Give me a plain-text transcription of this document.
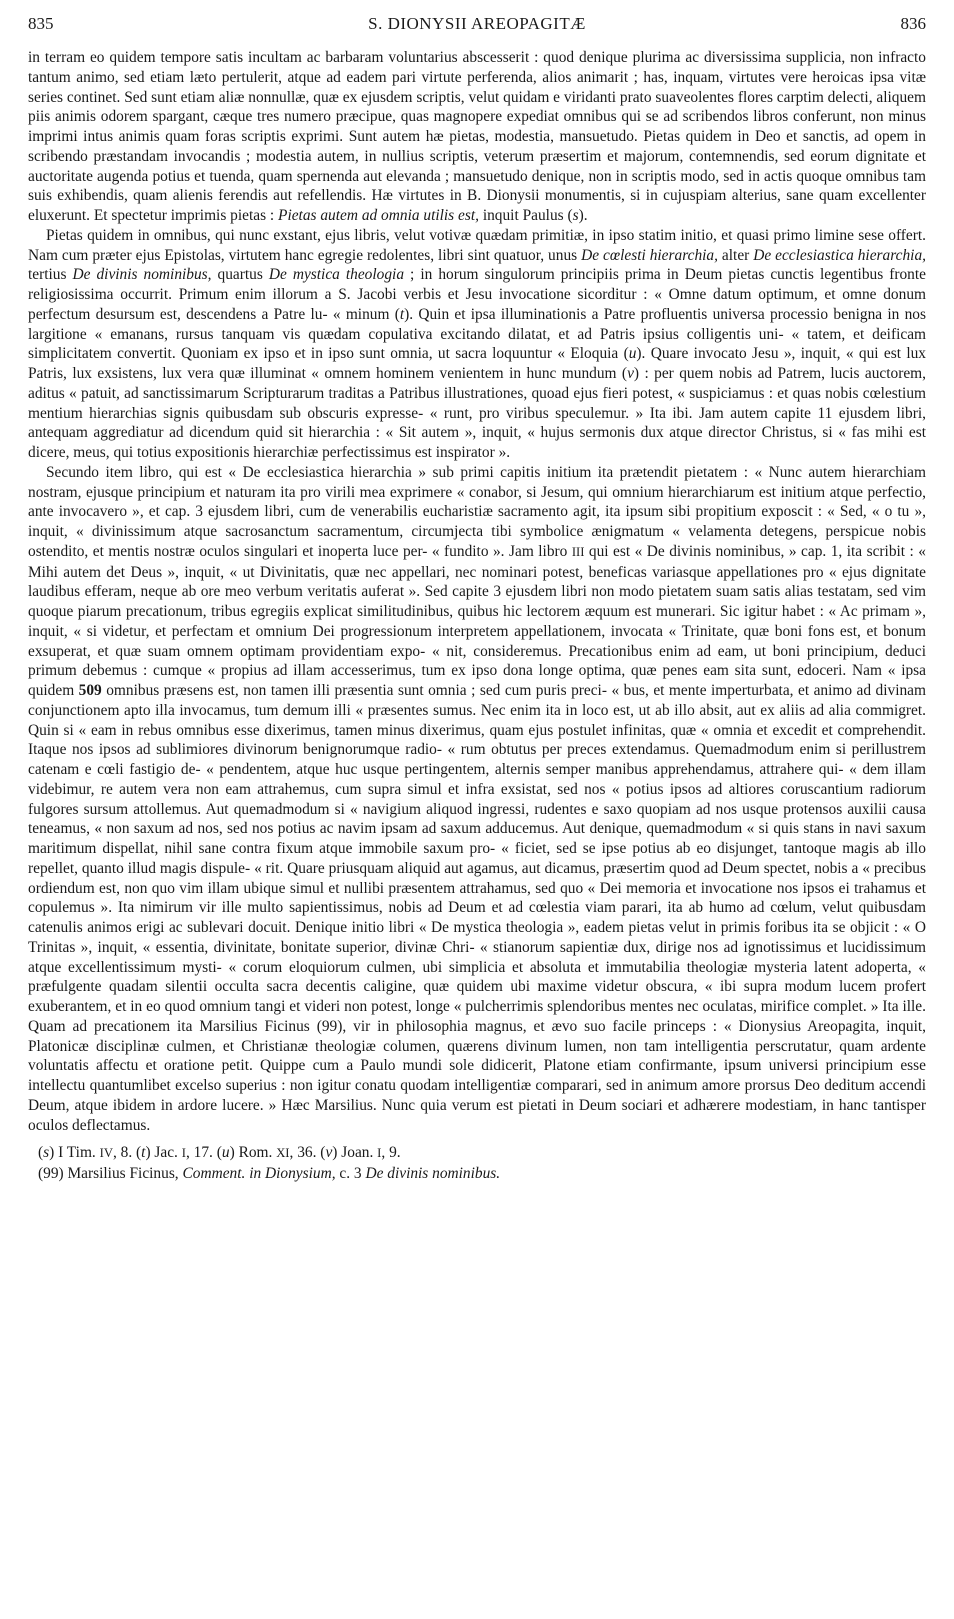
835	S. DIONYSII AREOPAGITÆ	836

in terram eo quidem tempore satis incultam ac barbaram voluntarius abscesserit : quod denique plurima ac diversissima supplicia, non infracto tantum animo, sed etiam læto pertulerit, atque ad eadem pari virtute perferenda, alios animarit ; has, inquam, virtutes vere heroicas ipsa vitæ series continet. Sed sunt etiam aliæ nonnullæ, quæ ex ejusdem scriptis, velut quidam e viridanti prato suaveolentes flores carptim delecti, aliquem piis animis odorem spargant, cæque tres numero præcipue, quas magnopere expediat omnibus qui se ad scribendos libros conferunt, non minus imprimi intus animis quam foras scriptis exprimi. Sunt autem hæ pietas, modestia, mansuetudo. Pietas quidem in Deo et sanctis, ad opem in scribendo præstandam invocandis ; modestia autem, in nullius scriptis, veterum præsertim et majorum, contemnendis, sed eorum dignitate et auctoritate augenda potius et tuenda, quam spernenda aut elevanda ; mansuetudo denique, non in scriptis modo, sed in actis quoque omnibus tam suis exhibendis, quam alienis ferendis aut refellendis. Hæ virtutes in B. Dionysii monumentis, si in cujuspiam alterius, sane quam excellenter eluxerunt. Et spectetur imprimis pietas : Pietas autem ad omnia utilis est, inquit Paulus (s).

Pietas quidem in omnibus, qui nunc exstant, ejus libris, velut votivæ quædam primitiæ, in ipso statim initio, et quasi primo limine sese offert. Nam cum præter ejus Epistolas, virtutem hanc egregie redolentes, libri sint quatuor, unus De cœlesti hierarchia, alter De ecclesiastica hierarchia, tertius De divinis nominibus, quartus De mystica theologia ; in horum singulorum principiis prima in Deum pietas cunctis legentibus fronte religiosissima occurrit. Primum enim illorum a S. Jacobi verbis et Jesu invocatione sicorditur : « Omne datum optimum, et omne donum perfectum desursum est, descendens a Patre lu- « minum (t). Quin et ipsa illuminationis a Patre profluentis universa processio benigna in nos largitione « emanans, rursus tanquam vis quædam copulativa excitando dilatat, et ad Patris ipsius colligentis uni- « tatem, et deificam simplicitatem convertit. Quoniam ex ipso et in ipso sunt omnia, ut sacra loquuntur « Eloquia (u). Quare invocato Jesu », inquit, « qui est lux Patris, lux exsistens, lux vera quæ illuminat « omnem hominem venientem in hunc mundum (v) : per quem nobis ad Patrem, lucis auctorem, aditus « patuit, ad sanctissimarum Scripturarum traditas a Patribus illustrationes, quoad ejus fieri potest, « suspiciamus : et quas nobis cœlestium mentium hierarchias signis quibusdam sub obscuris expresse- « runt, pro viribus speculemur. » Ita ibi. Jam autem capite 11 ejusdem libri, antequam aggrediatur ad dicendum quid sit hierarchia : « Sit autem », inquit, « hujus sermonis dux atque director Christus, si « fas mihi est dicere, meus, qui totius expositionis hierarchiæ perfectissimus est inspirator ».

Secundo item libro, qui est « De ecclesiastica hierarchia » sub primi capitis initium ita prætendit pietatem : « Nunc autem hierarchiam nostram, ejusque principium et naturam ita pro virili mea exprimere « conabor, si Jesum, qui omnium hierarchiarum est initium atque perfectio, ante invocavero », et cap. 3 ejusdem libri, cum de venerabilis eucharistiæ sacramento agit, ita ipsum sibi propitium exposcit : « Sed, « o tu », inquit, « divinissimum atque sacrosanctum sacramentum, circumjecta tibi symbolice ænigmatum « velamenta detegens, perspicue nobis ostendito, et mentis nostræ oculos singulari et inoperta luce per- « fundito ». Jam libro III qui est « De divinis nominibus, » cap. 1, ita scribit : « Mihi autem det Deus », inquit, « ut Divinitatis, quæ nec appellari, nec nominari potest, beneficas variasque appellationes pro « ejus dignitate laudibus efferam, neque ab ore meo verbum veritatis auferat ». Sed capite 3 ejusdem libri non modo pietatem suam satis alias testatam, sed vim quoque piarum precationum, tribus egregiis explicat similitudinibus, quibus hic lectorem æquum est munerari. Sic igitur habet : « Ac primam », inquit, « si videtur, et perfectam et omnium Dei progressionum interpretem appellationem, invocata « Trinitate, quæ boni fons est, et bonum exsuperat, et quæ suam omnem optimam providentiam expo- « nit, consideremus. Precationibus enim ad eam, ut boni principium, deduci primum debemus : cumque « propius ad illam accesserimus, tum ex ipso dona longe optima, quæ penes eam sita sunt, edoceri. Nam « ipsa quidem 509 omnibus præsens est, non tamen illi præsentia sunt omnia ; sed cum puris preci- « bus, et mente imperturbata, et animo ad divinam conjunctionem apto illa invocamus, tum demum illi « præsentes sumus. Nec enim ita in loco est, ut ab illo absit, aut ex aliis ad alia commigret. Quin si « eam in rebus omnibus esse dixerimus, tamen minus dixerimus, quam ejus postulet infinitas, quæ « omnia et excedit et comprehendit. Itaque nos ipsos ad sublimiores divinorum benignorumque radio- « rum obtutus per preces extendamus. Quemadmodum enim si perillustrem catenam e cœli fastigio de- « pendentem, atque huc usque pertingentem, alternis semper manibus apprehendamus, attrahere qui- « dem illam videbimur, re autem vera non eam attrahemus, cum supra simul et infra exsistat, sed nos « potius ipsos ad altiores coruscantium radiorum fulgores sursum attollemus. Aut quemadmodum si « navigium aliquod ingressi, rudentes e saxo quopiam ad nos usque protensos auxilii causa teneamus, « non saxum ad nos, sed nos potius ac navim ipsam ad saxum adducemus. Aut denique, quemadmodum « si quis stans in navi saxum maritimum dispellat, nihil sane contra fixum atque immobile saxum pro- « ficiet, sed se ipse potius ab eo disjunget, tantoque magis ab illo repellet, quanto illud magis dispule- « rit. Quare priusquam aliquid aut agamus, aut dicamus, præsertim quod ad Deum spectet, nobis a « precibus ordiendum est, non quo vim illam ubique simul et nullibi præsentem attrahamus, sed quo « Dei memoria et invocatione nos ipsos ei trahamus et copulemus ». Ita nimirum vir ille multo sapientissimus, nobis ad Deum et ad cœlestia viam parari, ita ab humo ad cœlum, velut quibusdam catenulis animos erigi ac sublevari docuit. Denique initio libri « De mystica theologia », eadem pietas velut in primis foribus ita se objicit : « O Trinitas », inquit, « essentia, divinitate, bonitate superior, divinæ Chri- « stianorum sapientiæ dux, dirige nos ad ignotissimus et lucidissimum atque excellentissimum mysti- « corum eloquiorum culmen, ubi simplicia et absoluta et immutabilia theologiæ mysteria latent adoperta, « præfulgente quadam silentii occulta sacra decentis caligine, quæ quidem ubi maxime videtur obscura, « ibi supra modum lucem profert exuberantem, et in eo quod omnium tangi et videri non potest, longe « pulcherrimis splendoribus mentes nec oculatas, mirifice complet. » Ita ille. Quam ad precationem ita Marsilius Ficinus (99), vir in philosophia magnus, et ævo suo facile princeps : « Dionysius Areopagita, inquit, Platonicæ disciplinæ culmen, et Christianæ theologiæ columen, quærens divinum lumen, non tam intelligentia perscrutatur, quam ardente voluntatis affectu et oratione petit. Quippe cum a Paulo mundi sole didicerit, Platone etiam confirmante, ipsum universi principium esse intellectu quantumlibet excelso superius : non igitur conatu quodam intelligentiæ comparari, sed in animum amore prorsus Deo deditum accendi Deum, atque ibidem in ardore lucere. » Hæc Marsilius. Nunc quia verum est pietati in Deum sociari et adhærere modestiam, in hanc tantisper oculos deflectamus.

(s) I Tim. IV, 8. (t) Jac. I, 17. (u) Rom. XI, 36. (v) Joan. I, 9.

(99) Marsilius Ficinus, Comment. in Dionysium, c. 3 De divinis nominibus.
